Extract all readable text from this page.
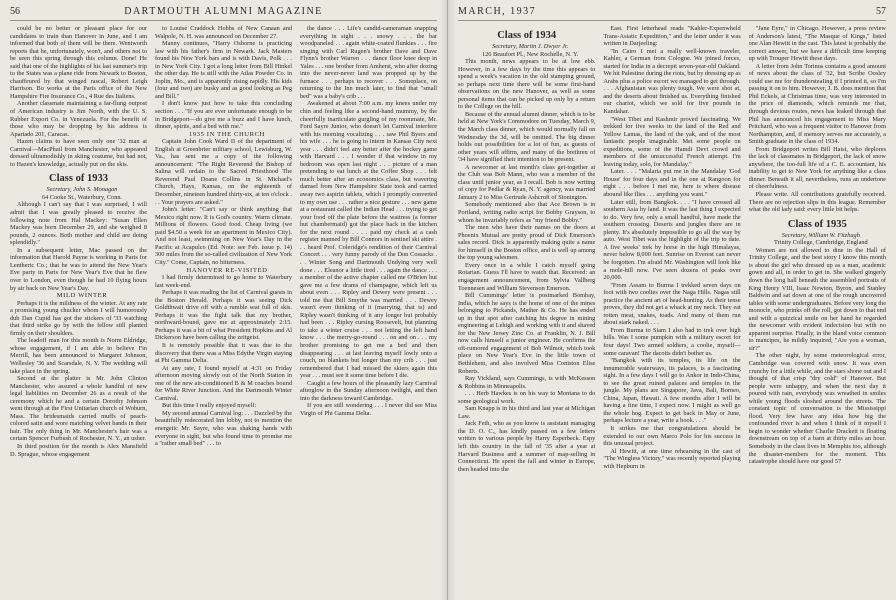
56	DARTMOUTH ALUMNI MAGAZINE

could be no better or pleasant place for our candidates to train than Hanover in June, and I am informed that both of them will be there. Wentworth reports that he, unfortunately, won't, and others not to be seen this spring through this column. Done! He said that one of the highlights of his last summer's trip to the States was a plane ride from Newark to Boston, chauffeured by that winged rascal, Robert Leigh Harrison. Bo works at the Paris office of the New Hampshire Fire Insurance Co., 4 Rue des Italiens.

Another classmate maintaining a far-flung outpost of American industry is Jim North, with the U. S. Rubber Export Co. in Venezuela. For the benefit of those who may be dropping by his address is Apartado 201, Caracas.

Hazen claims to have seen only one '32 man at Carnival—MacPhail from Manchester, who appeared dressed ultramodishly in skiing costume, but had not, to Hazen's knowledge, actually put on the skis.

Class of 1933

Secretary, John S. Monagan

64 Cooke St., Waterbury, Conn.

Although I can't say that I was surprised, I will admit that I was greatly pleased to receive the following note from Hal Mackey: "Susan Ellen Mackey was born December 29, and she weighed 8 pounds, 2 ounces. Both mother and child are doing splendidly."

In a subsequent letter, Mac passed on the information that Harold Payne is working in Paris for Lentheric Co.; that he was to attend the New Year's Eve party in Paris for New Year's Eve that he flew over to London, even though he had 10 flying hours by air back on New Year's Day.

MILD WINTER

Perhaps it is the mildness of the winter. At any rate a promising young chucker whom I will humorously dub Dan Cupid has got the stickers of '33 watching that third strike go by with the fellow still planted firmly on their shoulders.

The leadoff man for this month is Norm Eldridge, whose engagement, if I am able to believe Fin Merrill, has been announced to Margaret Johnson, Wellesley '36 and Scarsdale, N. Y. The wedding will take place in the spring.

Second at the platter is Mr. John Clinton Manchester, who assured a whole handful of new legal liabilities on December 26 as a result of the ceremony which he and a certain Dorothy Johnson went through at the First Unitarian church of Woburn, Mass. The bridesmaids carried muffs of peach-colored satin and wore matching velvet bands in their hair. The only thing in Mr. Manchester's hair was a certain Spencer Furbush of Rochester, N. Y., an usher.

In third position for the month is Alex Mansfield D. Sprague, whose engagement

to Louise Craddock Hobbs of New Canaan and Walpole, N. H. was announced on December 27.

Manny continues, "Harry Osborne is practicing law with his father's firm in Newark. Jack Masters found his New York bars and is with Davis, Polk . . . in New York City. I got a long letter from Bill Hinkel the other day. He is still with the Atlas Powder Co. in Joplin, Mo., and is apparently rising rapidly. His kids (four and two) are husky and as good looking as Peg and Bill."

I don't know just how to take this concluding section . . . "If you are ever unfortunate enough to be in Bridgeport—do give me a buzz and I have lunch, dinner, spirits, and a bed with me."

1935 IN THE CHURCH

Captain John Cook Ward II of the department of English at Greenbrier military school, Lewisburg, W. Va., has sent me a copy of the following announcement: "The Right Reverend the Bishop of Salina will ordain to the Sacred Priesthood The Reverend Paul Doane Collins in St. Michael's Church, Hays, Kansas, on the eighteenth of December, nineteen hundred thirty-six, at ten o'clock . . . Your prayers are asked."

John's letter: "Can't say or think anything that Mexico right now. It is God's country. Warm climate. Millions of flowers. Good food. Cheap living (we paid $4.50 a week for an apartment in Mexico City). And not least, swimming on New Year's Day in the Pacific at Acapulco (Ed. Note: see Feb. issue p. 14) 300 miles from the so-called civilization of New York City." Come, Captain, no bitterness.

HANOVER RE-VISITED

I had firmly determined to go home to Waterbury last week-end.

Perhaps it was reading the list of Carnival guests in the Boston Herald. Perhaps it was seeing Dick Goldthwait drive off with a rumble seat full of skis. Perhaps it was the fight talk that my brother, northward-bound, gave me at approximately 2:15. Perhaps it was a bit of what President Hopkins and Al Dickerson have been calling the zeitgeist.

It is remotely possible that it was due to the discovery that there was a Miss Edythe Virgin staying at Phi Gamma Delta.

At any rate, I found myself at 4:31 on Friday afternoon moving slowly out of the North Station in one of the new air-conditioned B & M coaches bound for White River Junction. And the Dartmouth Winter Carnival.

But this time I really enjoyed myself:

My second annual Carnival log: . . . Dazzled by the beautifully redecorated Inn lobby, not to mention the energetic Mr. Sayre, who was shaking hands with everyone in sight, but who found time to promise me a "rather small bed" . . . to

the dance . . . Life's candid-cameraman snapping everything in sight . . . snowy . . . the bar woodpaneled . . . again white-coated flunkies . . . fire singing with Carl Rugen's brother Dave and Dave Flynn's brother Warren . . . dance floor knee deep in Yales . . . one brother from Amherst, who after dozing into the never-never land was propped up by the furnace . . . perhaps to recover . . . Someplace, on returning to the Inn much later, to find that "small bed" was a baby's crib . . .

Awakened at about 7:00 a.m. my knees under my chin and feeling like a second-hand mummy, by the cheerfully inarticulate gurgling of my roommate, Mr. Ford Sayre Junior, who doesn't let Carnival interfere with his morning vocalizing . . . saw Phil Byers and his wife . . . he is going to intern in Kansas City next year . . . didn't feel any better after the hockey game with Harvard . . . I wonder if that window in my bedroom was open last night . . . picture of a man pretending to eat lunch at the Coffee Shop . . . felt much better after an economics class, but wavering damsel from New Hampshire State took and carried away two aspirin tablets, which I promptly converted to my own use . . . rather a nice gesture . . . new game at a restaurant called the Indian Head . . . trying to get your food off the plate before the waitress (a former hut chambermaid) got the place back in the kitchen for the next round . . . . paid my check at a cash register manned by Bill Connors in sentinel ski attire . . . heard Prof. Coleridge's rendition of their Carnival Concert . . . very funny parody of the Don Cossacks . . . Winter Song and Dartmouth Undying very well done . . . Eleanor a little tired . . . again the dance . . . a member of the active chapter called me O'Brien but gave me a few drams of champagne, which left us about even . . . Ripley and Dewey were present . . . told me that Bill Smythe was married . . . Dewey wasn't even thinking of it (marrying, that is) and Ripley wasn't thinking of it any longer but probably had been . . . Ripley cursing Roosevelt, but planning to take a winter cruise . . . not letting the left hand know . . . the merry-go-round . . . on and on . . . my brother promising to get me a bed and then disappearing . . . at last leaving myself lowly onto a couch, no blankets but longer than my crib . . . just remembered that I had missed the skiers again this year . . . must see it some time before I die.

Caught a few hours of the pleasantly lazy Carnival afterglow in the Sunday afternoon twilight, and then into the darkness toward Cambridge.

If you are still wondering . . . I never did see Miss Virgin of Phi Gamma Delta.

MARCH, 1937	57
Class of 1934

Secretary, Martin J. Dwyer Jr.

126 Beaufort Pl., New Rochelle, N. Y.

This month, news appears to be at low ebb. However, in a few days by the time this appears to spend a week's vacation in the old stamping ground, so perhaps next time there will be some first-hand observations on the new Hanover, as well as some personal items that can be picked up only by a return to the College on the hill.

Because of the annual alumni dinner, which is to be held at New York's Commodore on Tuesday, March 9, the March class dinner, which would normally fall on Wednesday the 3d, will be omitted. The big dinner holds out possibilities for a lot of fun, as guests of other years will affirm, and many of the brethren of '34 have signified their intention to be present.

A newcomer at last month's class get-together at the Club was Bob Mann, who was a member of the class until junior year, as I recall. Bob is now writing of copy for Pedlar & Ryan, N. Y. agency, was married January 2 to Miss Gertrude Ashcroft of Stonington.

Somebody mentioned also that Ace Brown is in Portland, writing radio script for Bobby Grayson, to whom he invariably refers as "my friend Bobby."

The men who have their names on the doors at Phoenix Mutual are pretty proud of Dick Emerson's sales record. Dick is apparently making quite a name for himself in the Boston office, and is well up among the top young salesmen.

Every once in a while I catch myself going Rotarian. Guess I'll have to watch that. Received: an engagement announcement, from Sylvia Vallberg Toennesen and William Stevenson Emerson.

Bill Cummings' letter is postmarked Bombay, India, which he says is the home of one of the mines belonging to Pickands, Mather & Co. He has ended up in that spot after catching his degree in mining engineering at Lehigh and working with it and shaved for the New Jersey Zinc Co. at Franklin, N. J. Bill now calls himself a junior engineer. He confirms the oft-rumored engagement of Bob Wilmot, which took place on New Year's Eve in the little town of Bethlehem, and also involved Miss Coniston Elise Roberts.

Ray Vickland, says Cummings, is with McKesson & Robbins in Minneapolis.

. . . Herb Hawkes is on his way to Montana to do some geological work.

Sam Knapp is in his third and last year at Michigan Law.

Jack Feth, who as you know is assistant managing the D. O. C., has kindly passed on a few letters written to various people by Harry Esperbeck. Espy left this country in the fall of '35 after a year at Harvard Business and a summer of map-selling in Connecticut. He spent the fall and winter in Europe, then headed into the

East. First letterhead reads "Kahler-Expenwheld Trans-Asiatic Expedition," and the letter under it was written in Darjeeling:

"In Cairo I met a really well-known traveler, Kahler, a German from Cologne. We joined forces, started for India in a decrepit seven-year-old Oakland. We hit Palestine during the riots, but by dressing up as Arabs plus a police escort we managed to get through. . . . Afghanistan was plenty tough. We were shot at, and the deserts about finished us. Everything finished our chariot, which we sold for five pounds in Kandahar.

"West Tibet and Kashmir proved fascinating. We trekked for five weeks in the land of the Red and Yellow Lamas, the land of the yak, and of the most fantastic people imaginable. Met some people on expeditions, some of the Hamdi Devi crowd and members of the unsuccessful French attempt. I'm leaving today, solo, for Mandalay."

Later. . . . "Malaria put me in the Mandalay 'God House' for four days and in the one at Rangoon for eight . . . before I met me, here is where disease abound like flies . . . anything you want."

Later still, from Bangkok. . . . "I have crossed all southern Asia by land. It was the last thing I expected to do. Very few, only a small handful, have made the southern crossing. Deserts and jungles there are in plenty. It's absolutely impossible to go all the way by auto. West Tibet was the highlight of the trip to date. A five weeks' trek by horse in the high Himalayas, never below 8,000 feet. Sunrise on Everest can never be forgotten. I'm afraid Mr. Washington will look like a mole-hill now. I've seen dozens of peaks over 20,000.

"From Assam to Burma I trekked seven days on foot with two coolies over the Naga Hills. Nagas still practice the ancient art of head-hunting. As their tense proves, they did not get a whack at my neck. They eat rotten meat, snakes, toads. And many of them run about stark naked. . . .

From Burma to Siam I also had to trek over high hills. Was I some pumpkin with a military escort for four days! Two armed soldiers, a coolie, myself—some caravan! The dacoits didn't bother us.

"Bangkok with its temples, its life on the innumerable waterways, its palaces, is a fascinating sight. In a few days I will go to Ankor in Indo-China, to see the great ruined palaces and temples in the jungle. My plans are Singapore, Java, Bali, Borneo, China, Japan, Hawaii. A few months after I will be having a fine time, I expect now. I might as well go the whole hog. Expect to get back in May or June, perhaps lecture a year, write a book. . . ."

It strikes me that congratulations should be extended to our own Marco Polo for his success in this unusual project.

Al Hewitt, at one time rehearsing in the cast of "The Wingless Victory," was recently reported playing with Hepburn in

"Jane Eyre," in Chicago. However, a press review of Anderson's latest, "The Masque of Kings," listed one Alan Hewitt in the cast. This latest is probably the correct answer, but we have a difficult time keeping up with Trouper Hewitt these days.

A letter from John Torinus contains a good amount of news about the class of '32, but Scribe Oosley could use me for thundersteaIing if I printed it, so I'm passing it on to him. However, J. B. does mention that Phil Eckels, at Christmas time, was very interested in the price of diamonds, which reminds me that, through devious routes, news has leaked through that Phil has announced his engagement to Miss Mary Pritchard, who was a frequent visitor to Hanover from Northampton, and, if memory serves me accurately, a Smith graduate in the class of 1934.

From Bridgeport writes Bill Haist, who deplores the lack of classmates in Bridgeport, the lack of snow anywhere, the too-full life of a C. E. accountant, his inability to get to New York for anything like a class dinner. Beneath it all, nevertheless, runs an undertone of cheerfulness.

Please write. All contributions gratefully received. There are no rejection slips in this league. Remember what the old lady said: every little bit helps.

Class of 1935

Secretary, William W. Fitzhugh

Trinity College, Cambridge, England

Women are not allowed to dine in the Hall of Trinity College, and the best story I know this month is about the girl who dressed up as a man, academic gown and all, in order to get in. She walked gingerly down the long hall beneath the assembled portraits of King Henry VIII, Isaac Newton, Byron, and Stanley Baldwin and sat down at one of the rough uncovered tables with some undergraduates. Before very long the monocle, who prinks off the roll, got down to that end and with a quizzical smile on her hand he regarded the newcomer with evident indecision but with no apparent surprise. Finally, in the bland voice common to mancipes, he mildly inquired, "Are you a woman, sir?"

The other night, by some meteorological error, Cambridge was covered with snow. It was even crunchy for a little while, and the stars shone out and I thought of that crisp "dry cold" of Hanover. But people were unhappy, and when the next day it poured with rain, everybody was wreathed in smiles while young floods sloshed around the streets. The constant topic of conversation is the Mississippi flood. Very few have any idea how big the confounded river is and when I think of it myself I begin to wonder whether Charlie Drackett is floating downstream on top of a barn at thirty miles an hour. Somebody in the class lives in Memphis too, although the disaster-members for the moment. This catastrophe should have our good 57
